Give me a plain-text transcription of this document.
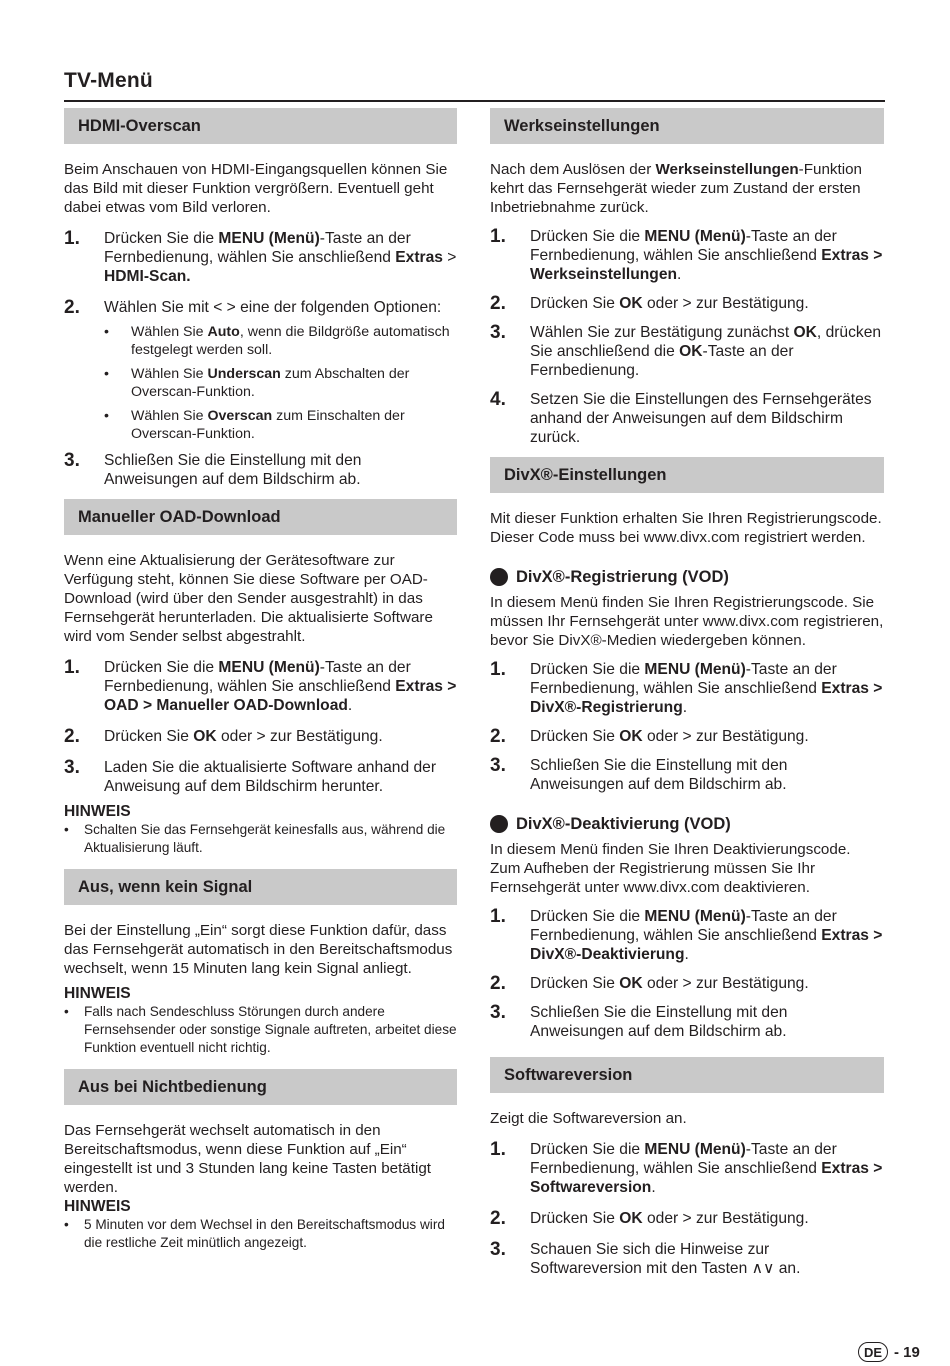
TV-Menü
HDMI-Overscan

Beim Anschauen von HDMI-Eingangsquellen können Sie das Bild mit dieser Funktion vergrößern. Eventuell geht dabei etwas vom Bild verloren.

1.	Drücken Sie die MENU (Menü)-Taste an der Fernbedienung, wählen Sie anschließend Extras > HDMI-Scan.
2.	Wählen Sie mit < > eine der folgenden Optionen:
•	Wählen Sie Auto, wenn die Bildgröße automatisch festgelegt werden soll.
•	Wählen Sie Underscan zum Abschalten der Overscan-Funktion.
•	Wählen Sie Overscan zum Einschalten der Overscan-Funktion.
3.	Schließen Sie die Einstellung mit den Anweisungen auf dem Bildschirm ab.
Manueller OAD-Download

Wenn eine Aktualisierung der Gerätesoftware zur Verfügung steht, können Sie diese Software per OAD-Download (wird über den Sender ausgestrahlt) in das Fernsehgerät herunterladen. Die aktualisierte Software wird vom Sender selbst abgestrahlt.

1.	Drücken Sie die MENU (Menü)-Taste an der Fernbedienung, wählen Sie anschließend Extras > OAD > Manueller OAD-Download.
2.	Drücken Sie OK oder > zur Bestätigung.
3.	Laden Sie die aktualisierte Software anhand der Anweisung auf dem Bildschirm herunter.
HINWEIS
•	Schalten Sie das Fernsehgerät keinesfalls aus, während die Aktualisierung läuft.
Aus, wenn kein Signal

Bei der Einstellung „Ein“ sorgt diese Funktion dafür, dass das Fernsehgerät automatisch in den Bereitschaftsmodus wechselt, wenn 15 Minuten lang kein Signal anliegt.

HINWEIS
•	Falls nach Sendeschluss Störungen durch andere Fernsehsender oder sonstige Signale auftreten, arbeitet diese Funktion eventuell nicht richtig.
Aus bei Nichtbedienung

Das Fernsehgerät wechselt automatisch in den Bereitschaftsmodus, wenn diese Funktion auf „Ein“ eingestellt ist und 3 Stunden lang keine Tasten betätigt werden.

HINWEIS
•	5 Minuten vor dem Wechsel in den Bereitschaftsmodus wird die restliche Zeit minütlich angezeigt.
Werkseinstellungen

Nach dem Auslösen der Werkseinstellungen-Funktion kehrt das Fernsehgerät wieder zum Zustand der ersten Inbetriebnahme zurück.

1.	Drücken Sie die MENU (Menü)-Taste an der Fernbedienung, wählen Sie anschließend Extras > Werkseinstellungen.
2.	Drücken Sie OK oder > zur Bestätigung.
3.	Wählen Sie zur Bestätigung zunächst OK, drücken Sie anschließend die OK-Taste an der Fernbedienung.
4.	Setzen Sie die Einstellungen des Fernsehgerätes anhand der Anweisungen auf dem Bildschirm zurück.
DivX®-Einstellungen

Mit dieser Funktion erhalten Sie Ihren Registrierungscode. Dieser Code muss bei www.divx.com registriert werden.

DivX®-Registrierung (VOD)

In diesem Menü finden Sie Ihren Registrierungscode. Sie müssen Ihr Fernsehgerät unter www.divx.com registrieren, bevor Sie DivX®-Medien wiedergeben können.

1.	Drücken Sie die MENU (Menü)-Taste an der Fernbedienung, wählen Sie anschließend Extras > DivX®-Registrierung.
2.	Drücken Sie OK oder > zur Bestätigung.
3.	Schließen Sie die Einstellung mit den Anweisungen auf dem Bildschirm ab.
DivX®-Deaktivierung (VOD)

In diesem Menü finden Sie Ihren Deaktivierungscode. Zum Aufheben der Registrierung müssen Sie Ihr Fernsehgerät unter www.divx.com deaktivieren.

1.	Drücken Sie die MENU (Menü)-Taste an der Fernbedienung, wählen Sie anschließend Extras > DivX®-Deaktivierung.
2.	Drücken Sie OK oder > zur Bestätigung.
3.	Schließen Sie die Einstellung mit den Anweisungen auf dem Bildschirm ab.
Softwareversion

Zeigt die Softwareversion an.

1.	Drücken Sie die MENU (Menü)-Taste an der Fernbedienung, wählen Sie anschließend Extras > Softwareversion.
2.	Drücken Sie OK oder > zur Bestätigung.
3.	Schauen Sie sich die Hinweise zur Softwareversion mit den Tasten ∧∨ an.
DE - 19
